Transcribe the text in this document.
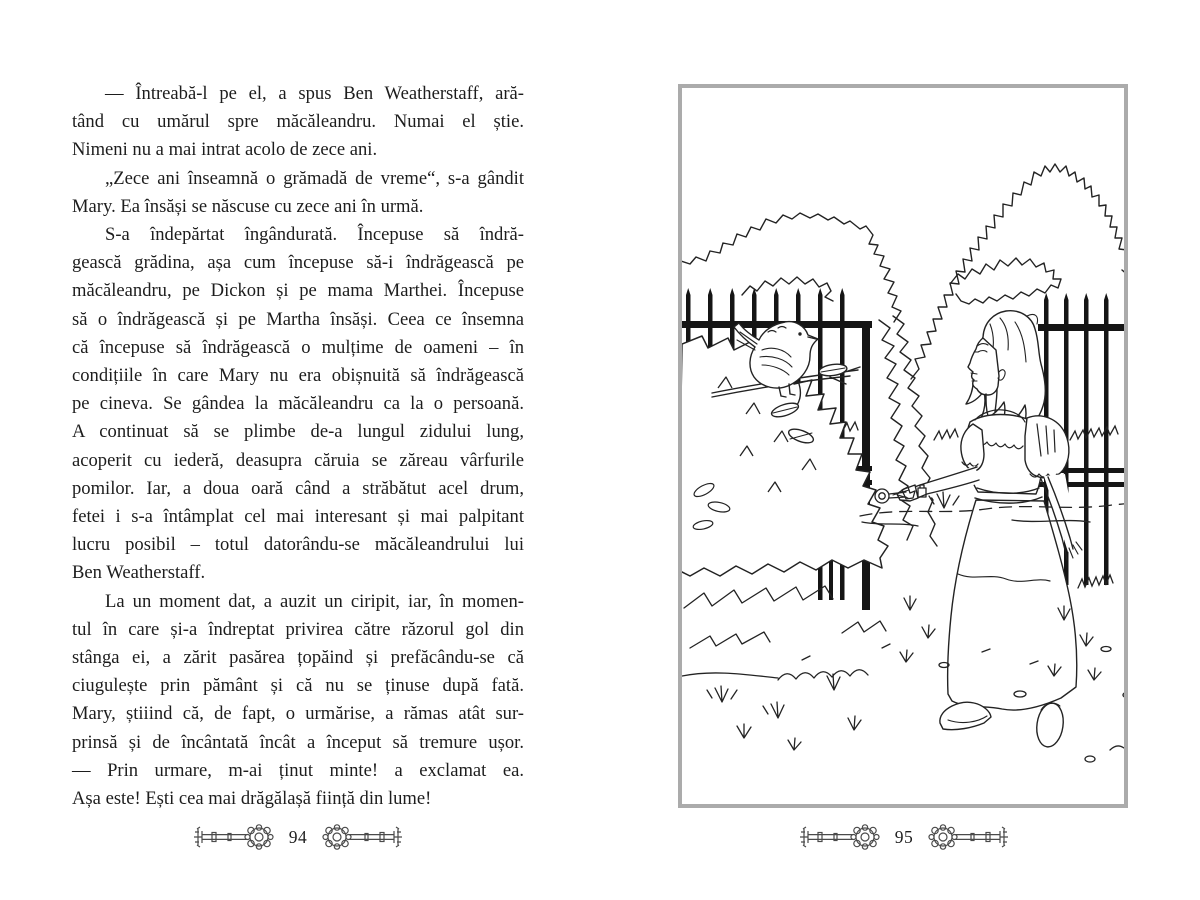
— Întreabă-l pe el, a spus Ben Weatherstaff, ară-
tând cu umărul spre măcăleandru. Numai el știe.
Nimeni nu a mai intrat acolo de zece ani.
„Zece ani înseamnă o grămadă de vreme“, s-a gândit
Mary. Ea însăși se născuse cu zece ani în urmă.
S-a îndepărtat îngândurată. Începuse să îndră-
gească grădina, așa cum începuse să-i îndrăgească pe
măcăleandru, pe Dickon și pe mama Marthei. Începuse
să o îndrăgească și pe Martha însăși. Ceea ce însemna
că începuse să îndrăgească o mulțime de oameni – în
condițiile în care Mary nu era obișnuită să îndrăgească
pe cineva. Se gândea la măcăleandru ca la o persoană.
A continuat să se plimbe de-a lungul zidului lung,
acoperit cu iederă, deasupra căruia se zăreau vârfurile
pomilor. Iar, a doua oară când a străbătut acel drum,
fetei i s-a întâmplat cel mai interesant și mai palpitant
lucru posibil – totul datorându-se măcăleandrului lui
Ben Weatherstaff.
La un moment dat, a auzit un ciripit, iar, în momen-
tul în care și-a îndreptat privirea către răzorul gol din
stânga ei, a zărit pasărea țopăind și prefăcându-se că
ciugulește prin pământ și că nu se ținuse după fată.
Mary, știiind că, de fapt, o urmărise, a rămas atât sur-
prinsă și de încântată încât a început să tremure ușor.
— Prin urmare, m-ai ținut minte! a exclamat ea.
Așa este! Ești cea mai drăgălașă ființă din lume!
94	95
